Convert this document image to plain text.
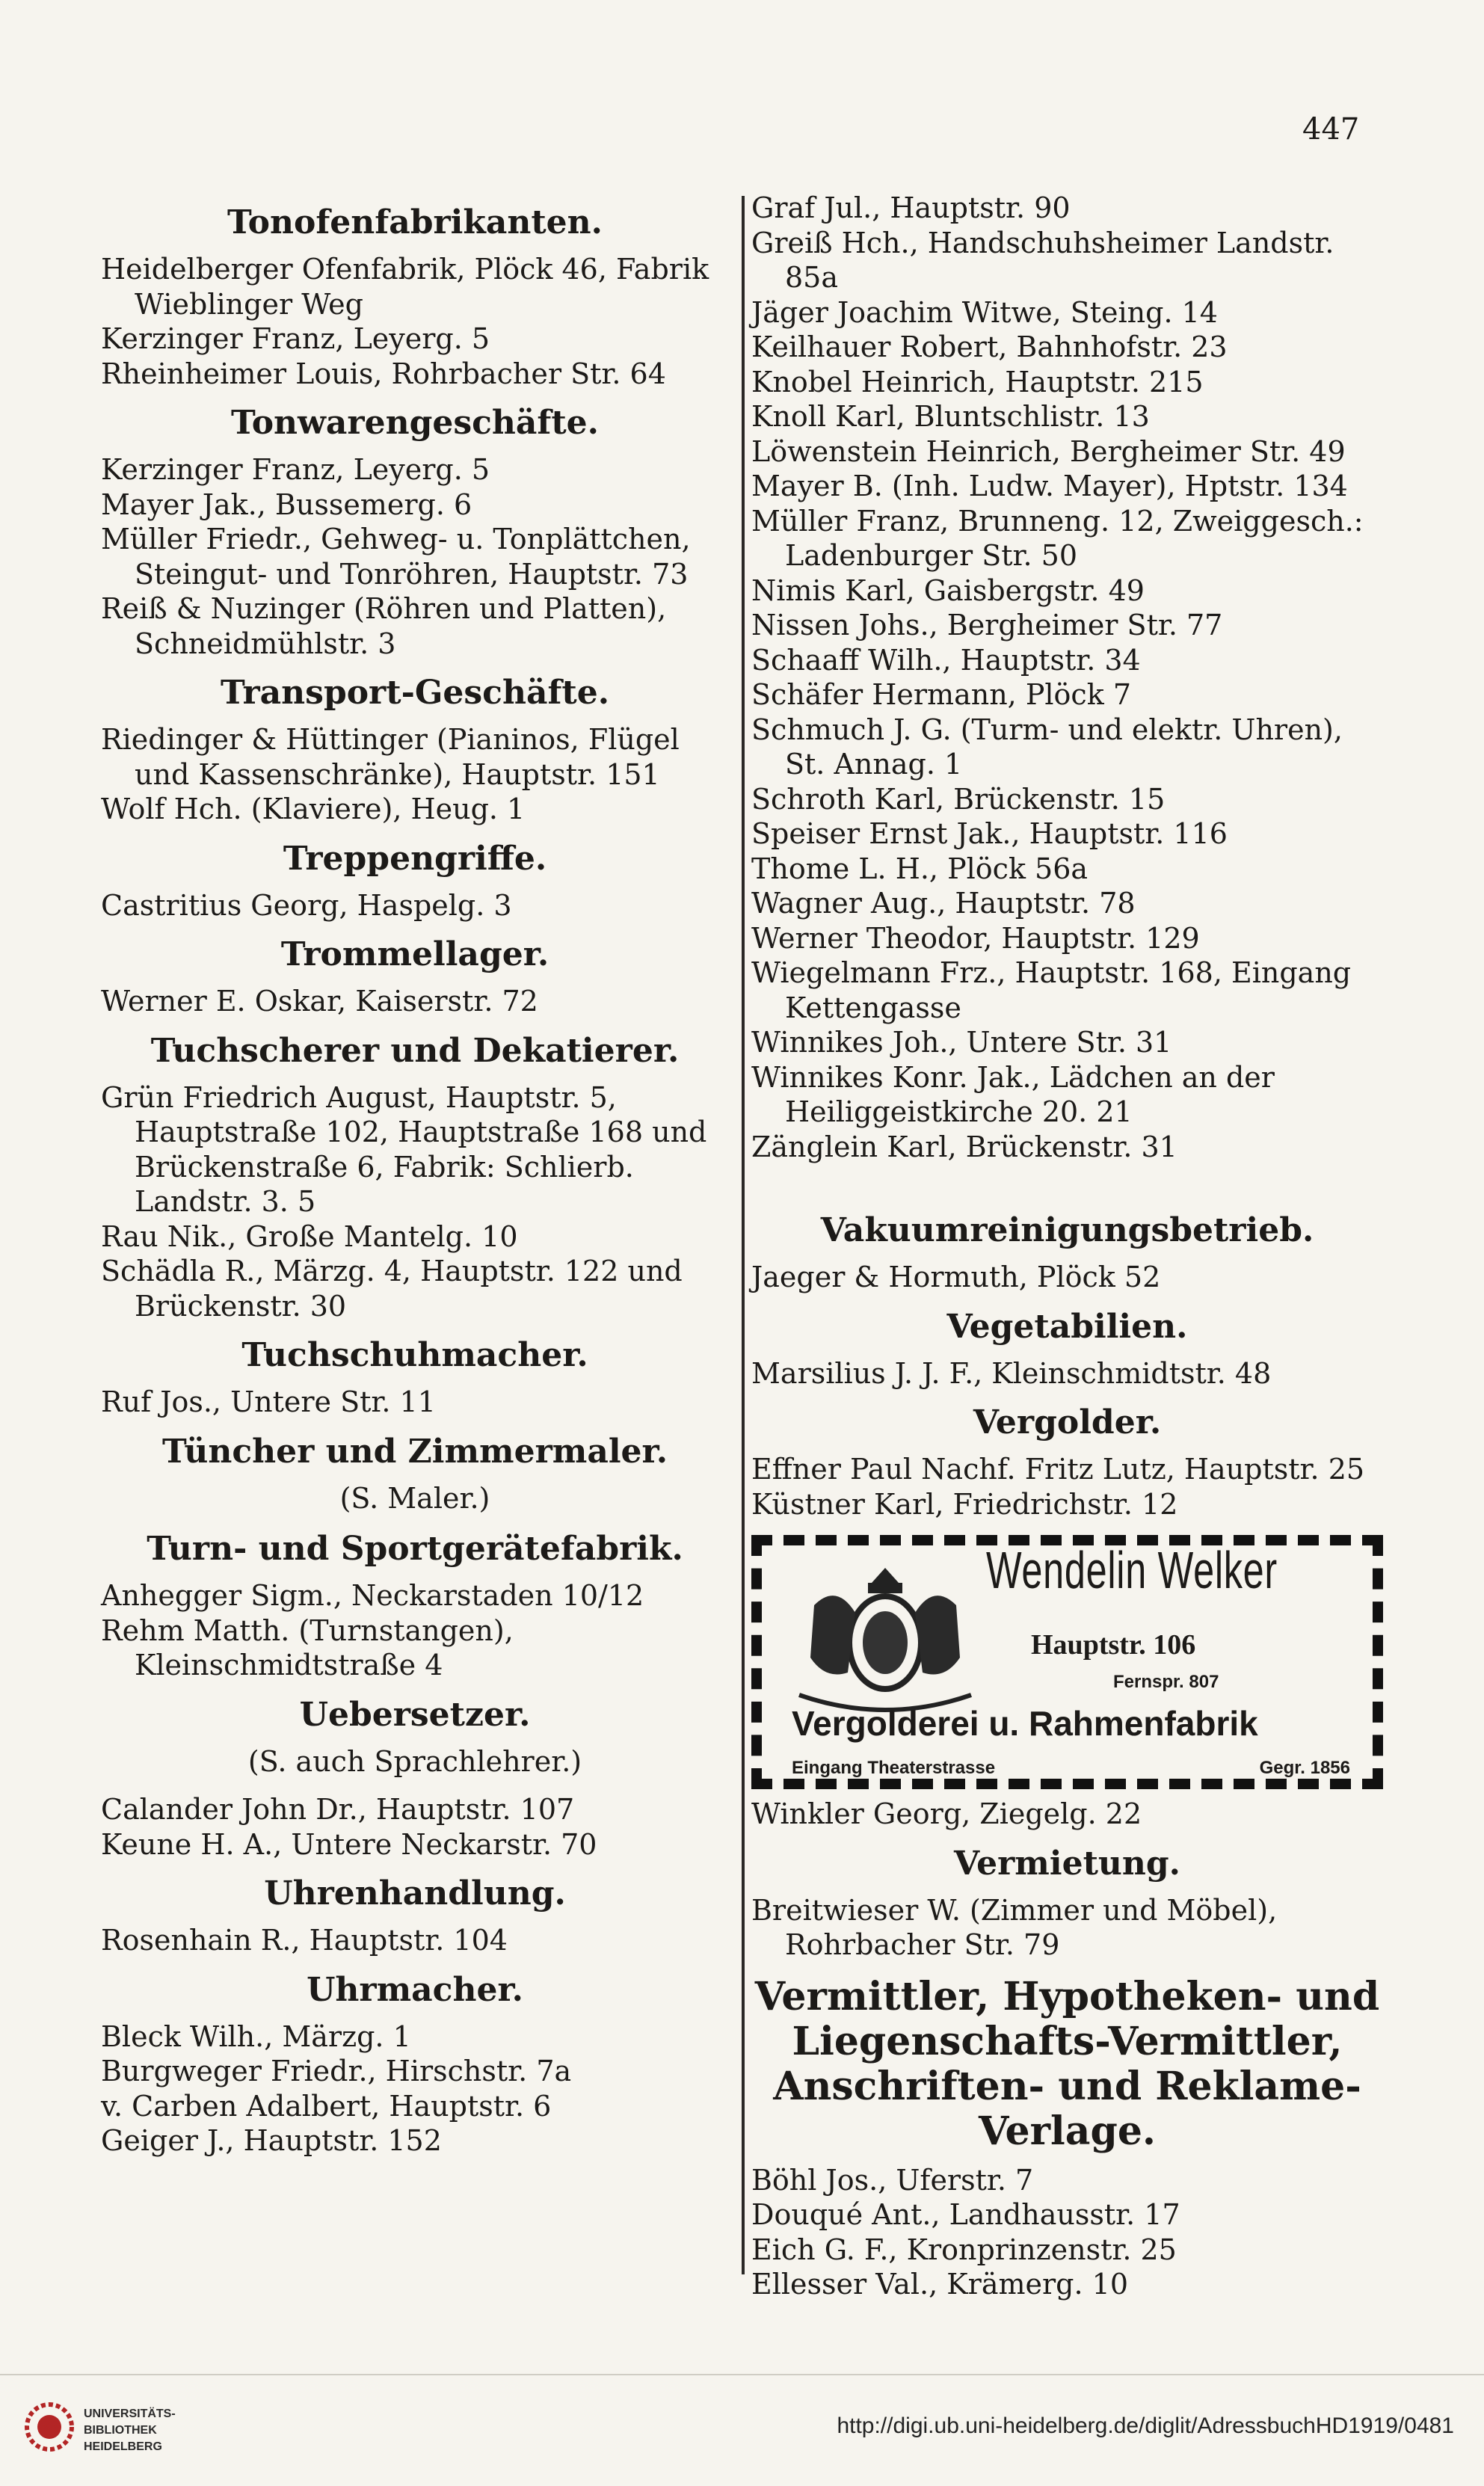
447
Tonofenfabrikanten.
Heidelberger Ofenfabrik, Plöck 46, Fabrik Wieblinger Weg
Kerzinger Franz, Leyerg. 5
Rheinheimer Louis, Rohrbacher Str. 64
Tonwarengeschäfte.
Kerzinger Franz, Leyerg. 5
Mayer Jak., Bussemerg. 6
Müller Friedr., Gehweg- u. Tonplättchen, Steingut- und Tonröhren, Hauptstr. 73
Reiß & Nuzinger (Röhren und Platten), Schneidmühlstr. 3
Transport-Geschäfte.
Riedinger & Hüttinger (Pianinos, Flügel und Kassenschränke), Hauptstr. 151
Wolf Hch. (Klaviere), Heug. 1
Treppengriffe.
Castritius Georg, Haspelg. 3
Trommellager.
Werner E. Oskar, Kaiserstr. 72
Tuchscherer und Dekatierer.
Grün Friedrich August, Hauptstr. 5, Hauptstraße 102, Hauptstraße 168 und Brückenstraße 6, Fabrik: Schlierb. Landstr. 3. 5
Rau Nik., Große Mantelg. 10
Schädla R., Märzg. 4, Hauptstr. 122 und Brückenstr. 30
Tuchschuhmacher.
Ruf Jos., Untere Str. 11
Tüncher und Zimmermaler.
(S. Maler.)
Turn- und Sportgerätefabrik.
Anhegger Sigm., Neckarstaden 10/12
Rehm Matth. (Turnstangen), Kleinschmidtstraße 4
Uebersetzer.
(S. auch Sprachlehrer.)
Calander John Dr., Hauptstr. 107
Keune H. A., Untere Neckarstr. 70
Uhrenhandlung.
Rosenhain R., Hauptstr. 104
Uhrmacher.
Bleck Wilh., Märzg. 1
Burgweger Friedr., Hirschstr. 7a
v. Carben Adalbert, Hauptstr. 6
Geiger J., Hauptstr. 152
Graf Jul., Hauptstr. 90
Greiß Hch., Handschuhsheimer Landstr. 85a
Jäger Joachim Witwe, Steing. 14
Keilhauer Robert, Bahnhofstr. 23
Knobel Heinrich, Hauptstr. 215
Knoll Karl, Bluntschlistr. 13
Löwenstein Heinrich, Bergheimer Str. 49
Mayer B. (Inh. Ludw. Mayer), Hptstr. 134
Müller Franz, Brunneng. 12, Zweiggesch.: Ladenburger Str. 50
Nimis Karl, Gaisbergstr. 49
Nissen Johs., Bergheimer Str. 77
Schaaff Wilh., Hauptstr. 34
Schäfer Hermann, Plöck 7
Schmuch J. G. (Turm- und elektr. Uhren), St. Annag. 1
Schroth Karl, Brückenstr. 15
Speiser Ernst Jak., Hauptstr. 116
Thome L. H., Plöck 56a
Wagner Aug., Hauptstr. 78
Werner Theodor, Hauptstr. 129
Wiegelmann Frz., Hauptstr. 168, Eingang Kettengasse
Winnikes Joh., Untere Str. 31
Winnikes Konr. Jak., Lädchen an der Heiliggeistkirche 20. 21
Zänglein Karl, Brückenstr. 31
Vakuumreinigungsbetrieb.
Jaeger & Hormuth, Plöck 52
Vegetabilien.
Marsilius J. J. F., Kleinschmidtstr. 48
Vergolder.
Effner Paul Nachf. Fritz Lutz, Hauptstr. 25
Küstner Karl, Friedrichstr. 12
Wendelin Welker
Hauptstr. 106
Fernspr. 807
Vergolderei u. Rahmenfabrik
Eingang Theaterstrasse	Gegr. 1856
Winkler Georg, Ziegelg. 22
Vermietung.
Breitwieser W. (Zimmer und Möbel), Rohrbacher Str. 79
Vermittler, Hypotheken- und Liegenschafts-Vermittler, Anschriften- und Reklame-Verlage.
Böhl Jos., Uferstr. 7
Douqué Ant., Landhausstr. 17
Eich G. F., Kronprinzenstr. 25
Ellesser Val., Krämerg. 10
UNIVERSITÄTS-
BIBLIOTHEK
HEIDELBERG
http://digi.ub.uni-heidelberg.de/diglit/AdressbuchHD1919/0481
